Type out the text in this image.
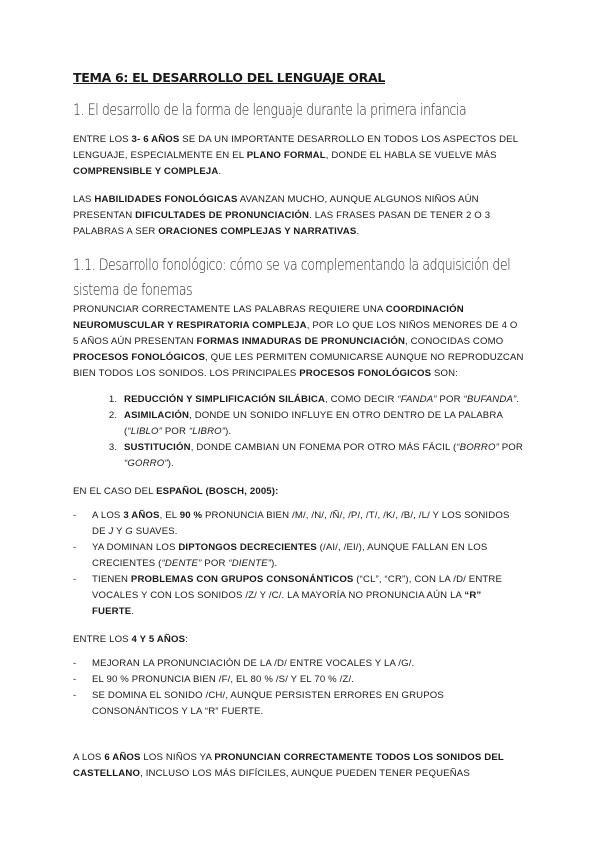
TEMA 6: EL DESARROLLO DEL LENGUAJE ORAL
1. El desarrollo de la forma de lenguaje durante la primera infancia

ENTRE LOS 3- 6 AÑOS SE DA UN IMPORTANTE DESARROLLO EN TODOS LOS ASPECTOS DEL LENGUAJE, ESPECIALMENTE EN EL PLANO FORMAL, DONDE EL HABLA SE VUELVE MÁS COMPRENSIBLE Y COMPLEJA.

LAS HABILIDADES FONOLÓGICAS AVANZAN MUCHO, AUNQUE ALGUNOS NIÑOS AÚN PRESENTAN DIFICULTADES DE PRONUNCIACIÓN. LAS FRASES PASAN DE TENER 2 O 3 PALABRAS A SER ORACIONES COMPLEJAS Y NARRATIVAS.

1.1. Desarrollo fonológico: cómo se va complementando la adquisición del sistema de fonemas

PRONUNCIAR CORRECTAMENTE LAS PALABRAS REQUIERE UNA COORDINACIÓN NEUROMUSCULAR Y RESPIRATORIA COMPLEJA, POR LO QUE LOS NIÑOS MENORES DE 4 O 5 AÑOS AÚN PRESENTAN FORMAS INMADURAS DE PRONUNCIACIÓN, CONOCIDAS COMO PROCESOS FONOLÓGICOS, QUE LES PERMITEN COMUNICARSE AUNQUE NO REPRODUZCAN BIEN TODOS LOS SONIDOS. LOS PRINCIPALES PROCESOS FONOLÓGICOS SON:

1. REDUCCIÓN Y SIMPLIFICACIÓN SILÁBICA, COMO DECIR “FANDA” POR “BUFANDA”.
2. ASIMILACIÓN, DONDE UN SONIDO INFLUYE EN OTRO DENTRO DE LA PALABRA (“LIBLO” POR “LIBRO”).
3. SUSTITUCIÓN, DONDE CAMBIAN UN FONEMA POR OTRO MÁS FÁCIL (“BORRO” POR “GORRO”).

EN EL CASO DEL ESPAÑOL (BOSCH, 2005):

- A LOS 3 AÑOS, EL 90 % PRONUNCIA BIEN /M/, /N/, /Ñ/, /P/, /T/, /K/, /B/, /L/ Y LOS SONIDOS DE J Y G SUAVES.
- YA DOMINAN LOS DIPTONGOS DECRECIENTES (/AI/, /EI/), AUNQUE FALLAN EN LOS CRECIENTES (“DENTE” POR “DIENTE”).
- TIENEN PROBLEMAS CON GRUPOS CONSONÁNTICOS (“CL”, “CR”), CON LA /D/ ENTRE VOCALES Y CON LOS SONIDOS /Z/ Y /C/. LA MAYORÍA NO PRONUNCIA AÚN LA “R” FUERTE.

ENTRE LOS 4 Y 5 AÑOS:

- MEJORAN LA PRONUNCIACIÓN DE LA /D/ ENTRE VOCALES Y LA /G/.
- EL 90 % PRONUNCIA BIEN /F/, EL 80 % /S/ Y EL 70 % /Z/.
- SE DOMINA EL SONIDO /CH/, AUNQUE PERSISTEN ERRORES EN GRUPOS CONSONÁNTICOS Y LA “R” FUERTE.

A LOS 6 AÑOS LOS NIÑOS YA PRONUNCIAN CORRECTAMENTE TODOS LOS SONIDOS DEL CASTELLANO, INCLUSO LOS MÁS DIFÍCILES, AUNQUE PUEDEN TENER PEQUEÑAS
